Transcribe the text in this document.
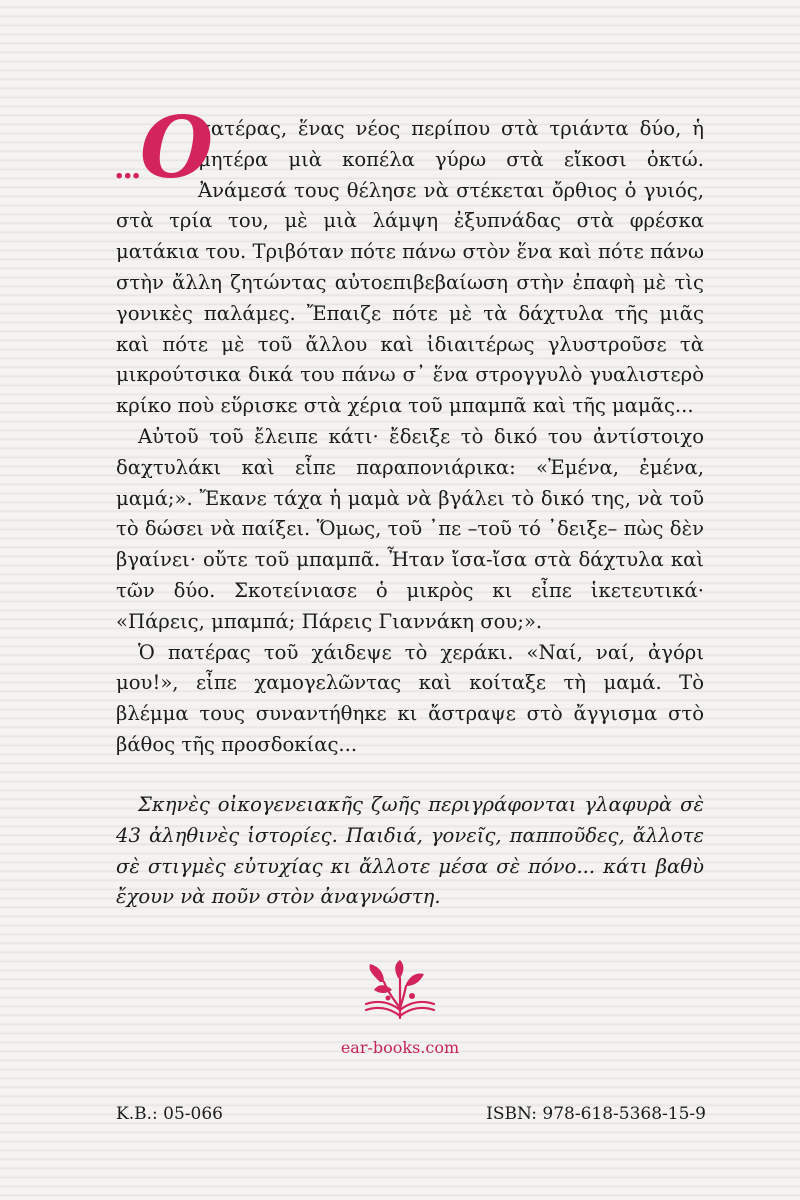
... O
πατέρας, ἕνας νέος περίπου στὰ τριάντα δύο, ἡ μητέρα μιὰ κοπέλα γύρω στὰ εἴκοσι ὀκτώ. Ἀνάμεσά τους θέλησε νὰ στέκεται ὄρθιος ὁ γυιός, στὰ τρία του, μὲ μιὰ λάμψη ἐξυπνάδας στὰ φρέσκα ματάκια του. Τριβόταν πότε πάνω στὸν ἕνα καὶ πότε πάνω στὴν ἄλλη ζητώντας αὐτοεπιβεβαίωση στὴν ἐπαφὴ μὲ τὶς γονικὲς παλάμες. Ἔπαιζε πότε μὲ τὰ δάχτυλα τῆς μιᾶς καὶ πότε μὲ τοῦ ἄλλου καὶ ἰδιαιτέρως γλυστροῦσε τὰ μικρούτσικα δικά του πάνω σ᾽ ἕνα στρογγυλὸ γυαλιστερὸ κρίκο ποὺ εὕρισκε στὰ χέρια τοῦ μπαμπᾶ καὶ τῆς μαμᾶς...

Αὐτοῦ τοῦ ἔλειπε κάτι· ἔδειξε τὸ δικό του ἀντίστοιχο δαχτυλάκι καὶ εἶπε παραπονιάρικα: «Ἐμένα, ἐμένα, μαμά;». Ἔκανε τάχα ἡ μαμὰ νὰ βγάλει τὸ δικό της, νὰ τοῦ τὸ δώσει νὰ παίξει. Ὅμως, τοῦ ᾽πε –τοῦ τό ᾽δειξε– πὼς δὲν βγαίνει· οὔτε τοῦ μπαμπᾶ. Ἦταν ἴσα-ἴσα στὰ δάχτυλα καὶ τῶν δύο. Σκοτείνιασε ὁ μικρὸς κι εἶπε ἱκετευτικά· «Πάρεις, μπαμπά; Πάρεις Γιαννάκη σου;».

Ὁ πατέρας τοῦ χάιδεψε τὸ χεράκι. «Ναί, ναί, ἀγόρι μου!», εἶπε χαμογελῶντας καὶ κοίταξε τὴ μαμά. Τὸ βλέμμα τους συναντήθηκε κι ἄστραψε στὸ ἄγγισμα στὸ βάθος τῆς προσδοκίας...

Σκηνὲς οἰκογενειακῆς ζωῆς περιγράφονται γλαφυρὰ σὲ 43 ἀληθινὲς ἱστορίες. Παιδιά, γονεῖς, παπποῦδες, ἄλλοτε σὲ στιγμὲς εὐτυχίας κι ἄλλοτε μέσα σὲ πόνο... κάτι βαθὺ ἔχουν νὰ ποῦν στὸν ἀναγνώστη.

ear-books.com
Κ.Β.: 05-066	ISBN: 978-618-5368-15-9
